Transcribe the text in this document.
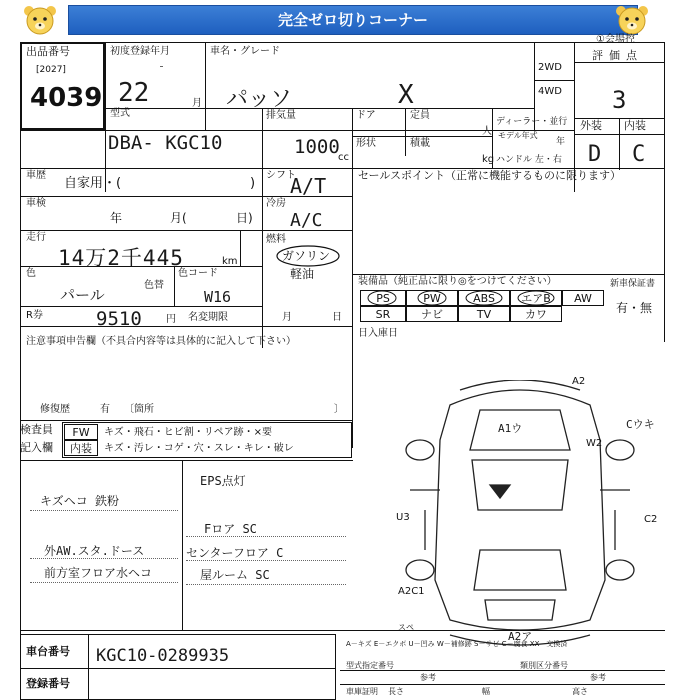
完全ゼロ切りコーナー
出品番号
[2027]
4039
初度登録年月
22	月
車名・グレード
パッソ	X
2WD
4WD
①会場控
評価点
3
型式
DBA- KGC10
排気量
1000
cc
ドア	定員
人
形状	積載
kg
ディーラー・並行
モデル年式
年
ハンドル 左・右
外装 内装
D C
車歴
自家用・(	)
シフト
A/T	セールスポイント（正常に機能するものに限ります）
車検
年	月(	日)
冷房
A/C
走行
14万2千445	km
燃料
ガソリン
軽油
色
パール
色替
色コード
W16
装備品（純正品に限り◎をつけてください）	新車保証書
有・無
PS	PW	ABS	エアB	AW
SR	ナビ	TV	カワ
日入庫日
R券	9510 円 名変期限	月	日
注意事項申告欄（不具合内容等は具体的に記入して下さい）
修復歴	有 〔箇所	〕
検査員	FW	キズ・飛石・ヒビ割・リペア跡・×要
記入欄	内装	キズ・汚レ・コゲ・穴・スレ・キレ・破レ
キズヘコ 鉄粉
外AW.スタ.ドース
前方室フロア水ヘコ
EPS点灯
Fロア SC
センターフロア C
屋ルーム SC
A2
Cウキ
W2
U3	C2
A2C1
A2ア
スペ
A1ウ
車台番号 KGC10-0289935
登録番号
A－キズ E－エクボ U－凹み W－補修跡 S－サビ C－腐食 XX－交換済
型式指定番号	類別区分番号
参考	参考
車庫証明 長さ	幅	高さ
